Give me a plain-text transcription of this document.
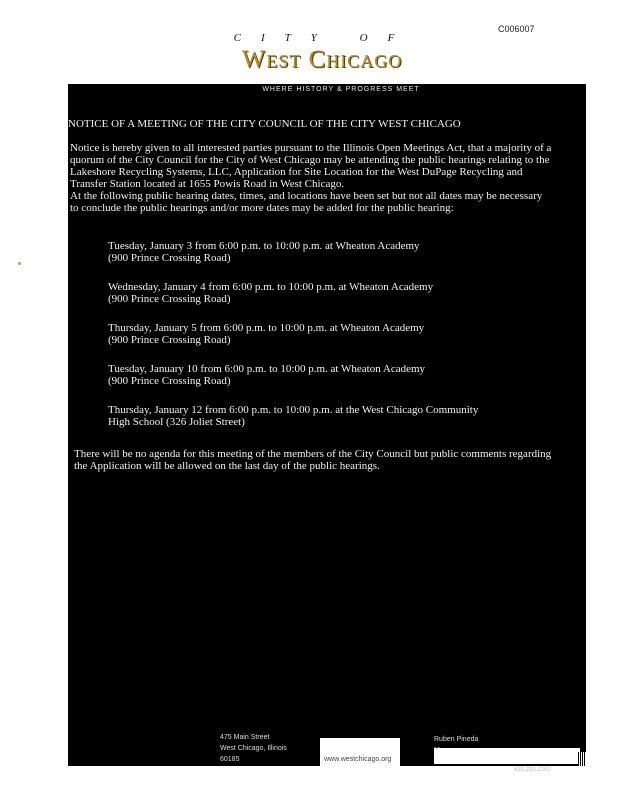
C006007
CITY OF
West Chicago
WHERE HISTORY & PROGRESS MEET
NOTICE OF A MEETING OF THE CITY COUNCIL OF THE CITY WEST CHICAGO

Notice is hereby given to all interested parties pursuant to the Illinois Open Meetings Act, that a majority of a quorum of the City Council for the City of West Chicago may be attending the public hearings relating to the Lakeshore Recycling Systems, LLC, Application for Site Location for the West DuPage Recycling and Transfer Station located at 1655 Powis Road in West Chicago.

At the following public hearing dates, times, and locations have been set but not all dates may be necessary to conclude the public hearings and/or more dates may be added for the public hearing:

Tuesday, January 3 from 6:00 p.m. to 10:00 p.m. at Wheaton Academy
(900 Prince Crossing Road)
Wednesday, January 4 from 6:00 p.m. to 10:00 p.m. at Wheaton Academy
(900 Prince Crossing Road)
Thursday, January 5 from 6:00 p.m. to 10:00 p.m. at Wheaton Academy
(900 Prince Crossing Road)
Tuesday, January 10 from 6:00 p.m. to 10:00 p.m. at Wheaton Academy
(900 Prince Crossing Road)
Thursday, January 12 from 6:00 p.m. to 10:00 p.m. at the West Chicago Community
High School (326 Joliet Street)
There will be no agenda for this meeting of the members of the City Council but public comments regarding the Application will be allowed on the last day of the public hearings.
475 Main Street
West Chicago, Illinois
60185	www.westchicago.org
Ruben Pineda
630.293.2200
